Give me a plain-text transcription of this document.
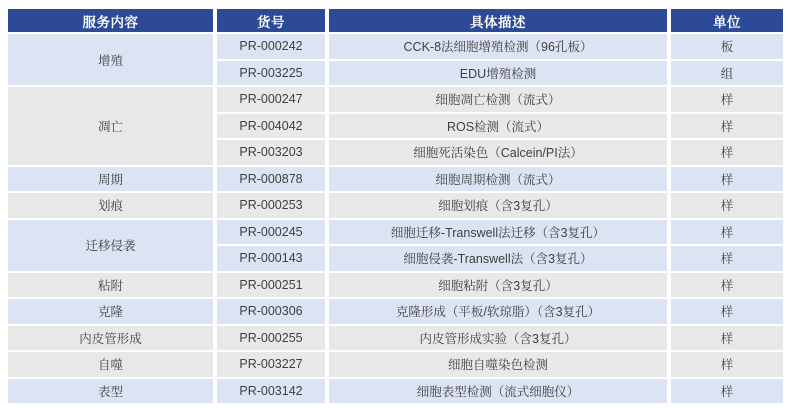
服务内容	货号	具体描述	单位
增殖
PR-000242	CCK-8法细胞增殖检测（96孔板）	板
PR-003225	EDU增殖检测	组
凋亡
PR-000247	细胞凋亡检测（流式）	样
PR-004042	ROS检测（流式）	样
PR-003203	细胞死活染色（Calcein/PI法）	样
周期	PR-000878	细胞周期检测（流式）	样
划痕	PR-000253	细胞划痕（含3复孔）	样
迁移侵袭
PR-000245	细胞迁移-Transwell法迁移（含3复孔）	样
PR-000143	细胞侵袭-Transwell法（含3复孔）	样
粘附	PR-000251	细胞粘附（含3复孔）	样
克隆	PR-000306	克隆形成（平板/软琼脂）（含3复孔）	样
内皮管形成	PR-000255	内皮管形成实验（含3复孔）	样
自噬	PR-003227	细胞自噬染色检测	样
表型	PR-003142	细胞表型检测（流式细胞仪）	样
